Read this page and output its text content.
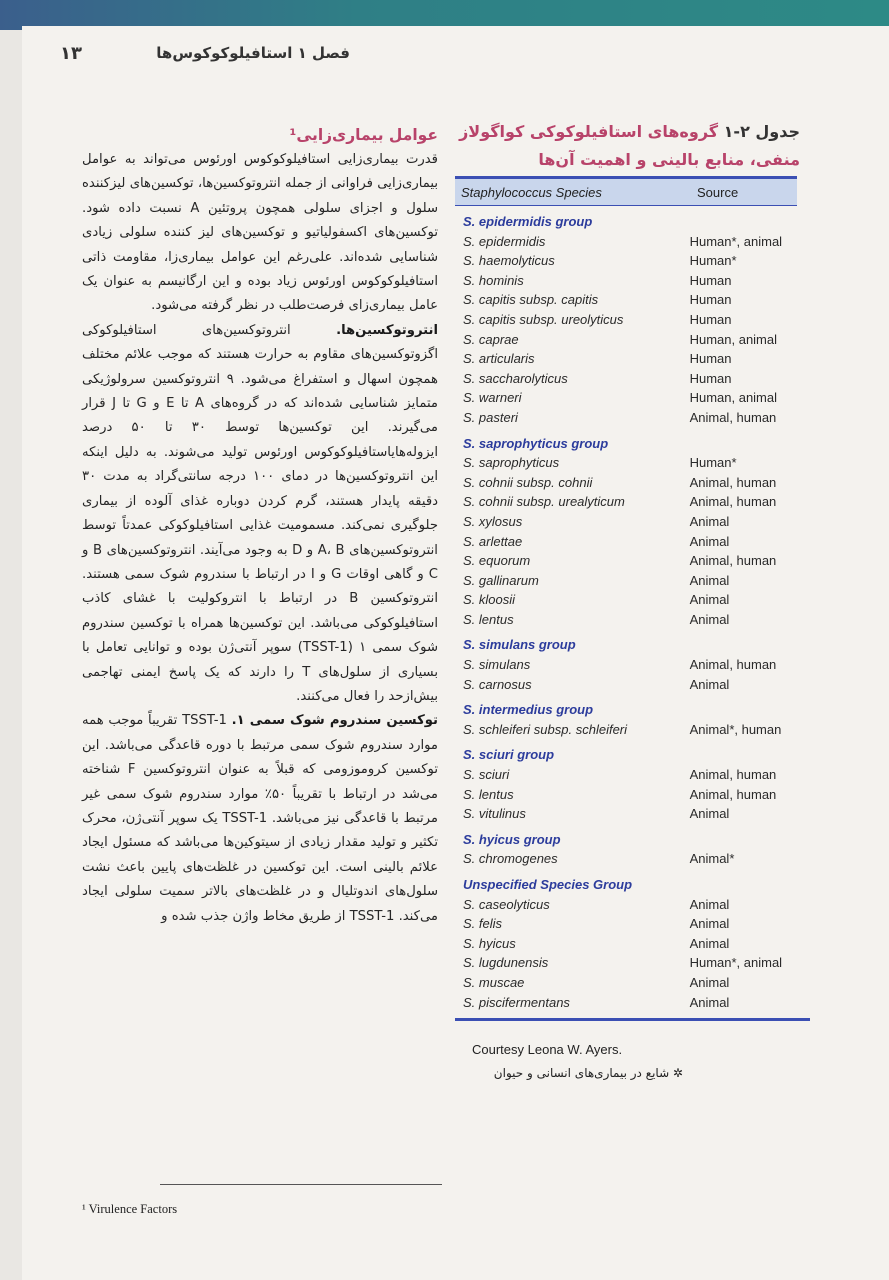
فصل ۱ استافیلوکوکوس‌ها
۱۳
جدول ۲-۱ گروه‌های استافیلوکوکی کواگولاز
منفی، منابع بالینی و اهمیت آن‌ها
Staphylococcus Species	Source
S. epidermidis group
S. epidermidis	Human*, animal
S. haemolyticus	Human*
S. hominis	Human
S. capitis subsp. capitis	Human
S. capitis subsp. ureolyticus	Human
S. caprae	Human, animal
S. articularis	Human
S. saccharolyticus	Human
S. warneri	Human, animal
S. pasteri	Animal, human
S. saprophyticus group
S. saprophyticus	Human*
S. cohnii subsp. cohnii	Animal, human
S. cohnii subsp. urealyticum	Animal, human
S. xylosus	Animal
S. arlettae	Animal
S. equorum	Animal, human
S. gallinarum	Animal
S. kloosii	Animal
S. lentus	Animal
S. simulans group
S. simulans	Animal, human
S. carnosus	Animal
S. intermedius group
S. schleiferi subsp. schleiferi	Animal*, human
S. sciuri group
S. sciuri	Animal, human
S. lentus	Animal, human
S. vitulinus	Animal
S. hyicus group
S. chromogenes	Animal*
Unspecified Species Group
S. caseolyticus	Animal
S. felis	Animal
S. hyicus	Animal
S. lugdunensis	Human*, animal
S. muscae	Animal
S. piscifermentans	Animal
Courtesy Leona W. Ayers.
✲ شایع در بیماری‌های انسانی و حیوان
عوامل بیماری‌زایی¹

قدرت بیماری‌زایی استافیلوکوکوس اورئوس می‌تواند به عوامل بیماری‌زایی فراوانی از جمله انتروتوکسین‌ها، توکسین‌های لیزکننده سلول و اجزای سلولی همچون پروتئین A نسبت داده شود. توکسین‌های اکسفولیاتیو و توکسین‌های لیز کننده سلولی زیادی شناسایی شده‌اند. علی‌رغم این عوامل بیماری‌زا، مقاومت ذاتی استافیلوکوکوس اورئوس زیاد بوده و این ارگانیسم به عنوان یک عامل بیماری‌زای فرصت‌طلب در نظر گرفته می‌شود.

انتروتوکسین‌ها. انتروتوکسین‌های استافیلوکوکی اگزوتوکسین‌های مقاوم به حرارت هستند که موجب علائم مختلف همچون اسهال و استفراغ می‌شود. ۹ انتروتوکسین سرولوژیکی متمایز شناسایی شده‌اند که در گروه‌های A تا E و G تا J قرار می‌گیرند. این توکسین‌ها توسط ۳۰ تا ۵۰ درصد ایزوله‌هایاستافیلوکوکوس اورئوس تولید می‌شوند. به دلیل اینکه این انتروتوکسین‌ها در دمای ۱۰۰ درجه سانتی‌گراد به مدت ۳۰ دقیقه پایدار هستند، گرم کردن دوباره غذای آلوده از بیماری جلوگیری نمی‌کند. مسمومیت غذایی استافیلوکوکی عمدتاً توسط انتروتوکسین‌های A، B و D به وجود می‌آیند. انتروتوکسین‌های B و C و گاهی اوقات G و I در ارتباط با سندروم شوک سمی هستند. انتروتوکسین B در ارتباط با انتروکولیت با غشای کاذب استافیلوکوکی می‌باشد. این توکسین‌ها همراه با توکسین سندروم شوک سمی ۱ (TSST-1) سوپر آنتی‌ژن بوده و توانایی تعامل با بسیاری از سلول‌های T را دارند که یک پاسخ ایمنی تهاجمی بیش‌ازحد را فعال می‌کنند.

توکسین سندروم شوک سمی ۱. TSST-1 تقریباً موجب همه موارد سندروم شوک سمی مرتبط با دوره قاعدگی می‌باشد. این توکسین کروموزومی که قبلاً به عنوان انتروتوکسین F شناخته می‌شد در ارتباط با تقریباً ۵۰٪ موارد سندروم شوک سمی غیر مرتبط با قاعدگی نیز می‌باشد. TSST-1 یک سوپر آنتی‌ژن، محرک تکثیر و تولید مقدار زیادی از سیتوکین‌ها می‌باشد که مسئول ایجاد علائم بالینی است. این توکسین در غلظت‌های پایین باعث نشت سلول‌های اندوتلیال و در غلظت‌های بالاتر سمیت سلولی ایجاد می‌کند. TSST-1 از طریق مخاط واژن جذب شده و

¹ Virulence Factors
